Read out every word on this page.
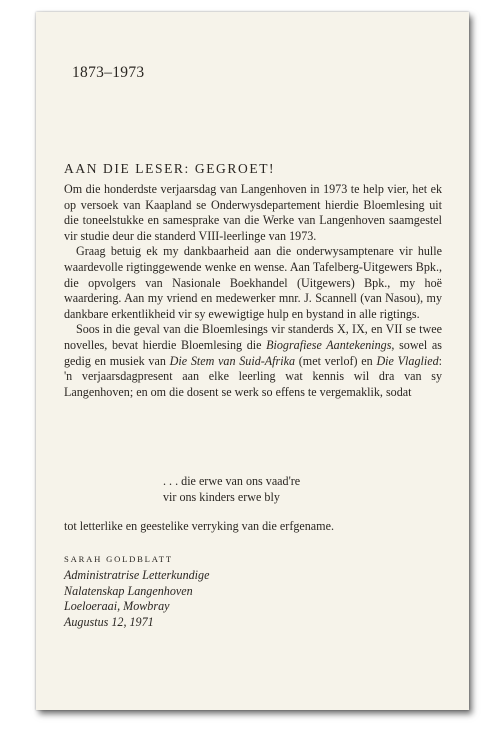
1873–1973
AAN DIE LESER: GEGROET!

Om die honderdste verjaarsdag van Langenhoven in 1973 te help vier, het ek op versoek van Kaapland se Onderwysdepartement hierdie Bloemlesing uit die toneelstukke en samesprake van die Werke van Langenhoven saamgestel vir studie deur die standerd VIII-leerlinge van 1973.

Graag betuig ek my dankbaarheid aan die onderwysamptenare vir hulle waardevolle rigtinggewende wenke en wense. Aan Tafelberg-Uitgewers Bpk., die opvolgers van Nasionale Boekhandel (Uitgewers) Bpk., my hoë waardering. Aan my vriend en medewerker mnr. J. Scannell (van Nasou), my dankbare erkentlikheid vir sy ewewigtige hulp en bystand in alle rigtings.

Soos in die geval van die Bloemlesings vir standerds X, IX, en VII se twee novelles, bevat hierdie Bloemlesing die Biografiese Aantekenings, sowel as gedig en musiek van Die Stem van Suid-Afrika (met verlof) en Die Vlaglied: 'n verjaarsdagpresent aan elke leerling wat kennis wil dra van sy Langenhoven; en om die dosent se werk so effens te vergemaklik, sodat

. . . die erwe van ons vaad're
vir ons kinders erwe bly
tot letterlike en geestelike verryking van die erfgename.
SARAH GOLDBLATT
Administratrise Letterkundige
Nalatenskap Langenhoven
Loeloeraai, Mowbray
Augustus 12, 1971
